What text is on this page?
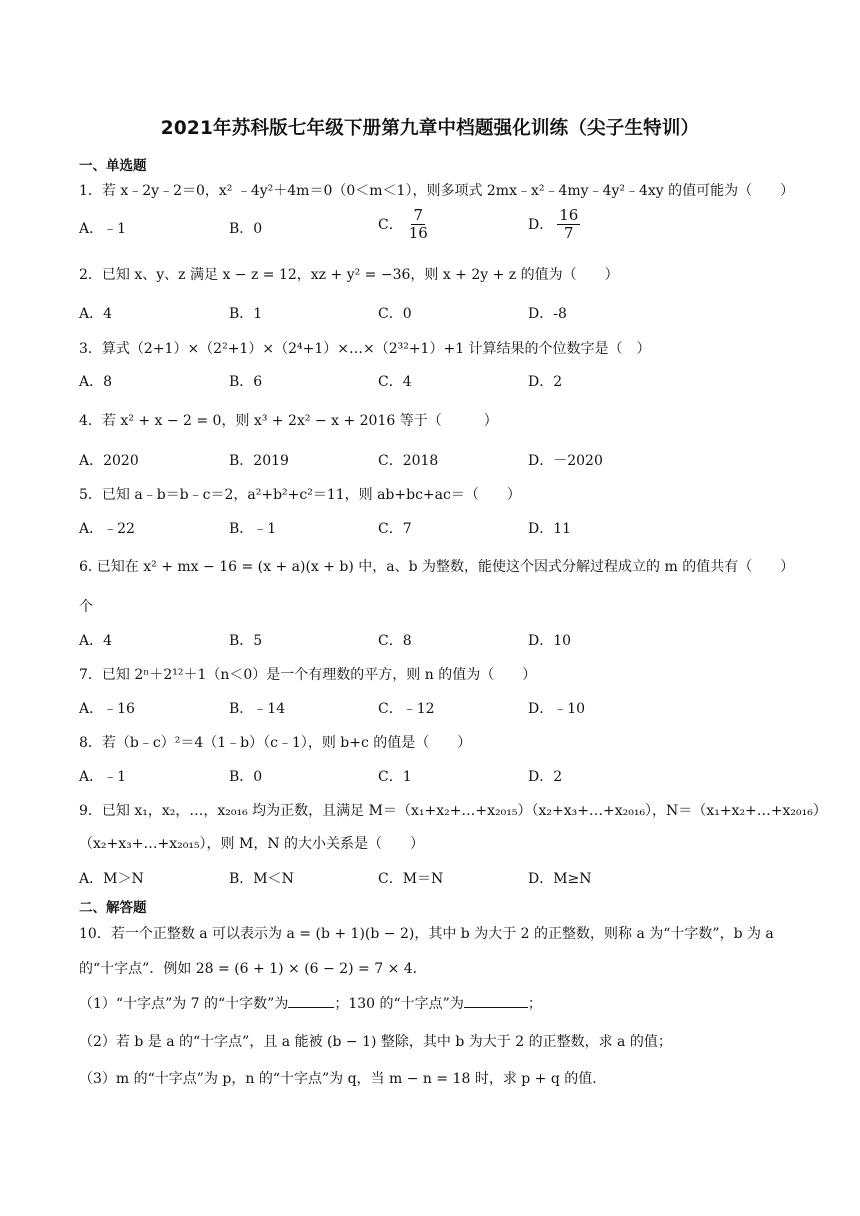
2021年苏科版七年级下册第九章中档题强化训练（尖子生特训）
一、单选题
1．若 x﹣2y﹣2＝0，x² ﹣4y²＋4m＝0（0＜m＜1），则多项式 2mx﹣x²﹣4my﹣4y²﹣4xy 的值可能为（　　）
A．﹣1	B．0	C． $\frac{7}{16}$	D． $\frac{16}{7}$
2．已知 x、y、z 满足 x − z = 12，xz + y² = −36，则 x + 2y + z 的值为（　　）
A．4	B．1	C．0	D．-8
3．算式（2+1）×（2²+1）×（2⁴+1）×…×（2³²+1）+1 计算结果的个位数字是（　）
A．8	B．6	C．4	D．2
4．若 x² + x − 2 = 0，则 x³ + 2x² − x + 2016 等于（　　　）
A．2020	B．2019	C．2018	D．－2020
5．已知 a﹣b＝b﹣c＝2，a²+b²+c²＝11，则 ab+bc+ac＝（　　）
A．﹣22	B．﹣1	C．7	D．11
6. 已知在 x² + mx − 16 = (x + a)(x + b) 中，a、b 为整数，能使这个因式分解过程成立的 m 的值共有（　　）
个
A．4	B．5	C．8	D．10
7．已知 2ⁿ＋2¹²＋1（n＜0）是一个有理数的平方，则 n 的值为（　　）
A．﹣16	B．﹣14	C．﹣12	D．﹣10
8．若（b﹣c）²＝4（1﹣b）（c﹣1），则 b+c 的值是（　　）
A．﹣1	B．0	C．1	D．2
9．已知 x₁，x₂，…，x₂₀₁₆ 均为正数，且满足 M＝（x₁+x₂+…+x₂₀₁₅）（x₂+x₃+…+x₂₀₁₆），N＝（x₁+x₂+…+x₂₀₁₆）
（x₂+x₃+…+x₂₀₁₅），则 M，N 的大小关系是（　　）
A．M＞N	B．M＜N	C．M＝N	D．M≥N
二、解答题
10．若一个正整数 a 可以表示为 a = (b + 1)(b − 2)，其中 b 为大于 2 的正整数，则称 a 为“十字数”，b 为 a
的“十字点”．例如 28 = (6 + 1) × (6 − 2) = 7 × 4．
（1）“十字点”为 7 的“十字数”为	；130 的“十字点”为	；
（2）若 b 是 a 的“十字点”，且 a 能被 (b − 1) 整除，其中 b 为大于 2 的正整数，求 a 的值；
（3）m 的“十字点”为 p，n 的“十字点”为 q，当 m − n = 18 时，求 p + q 的值.
